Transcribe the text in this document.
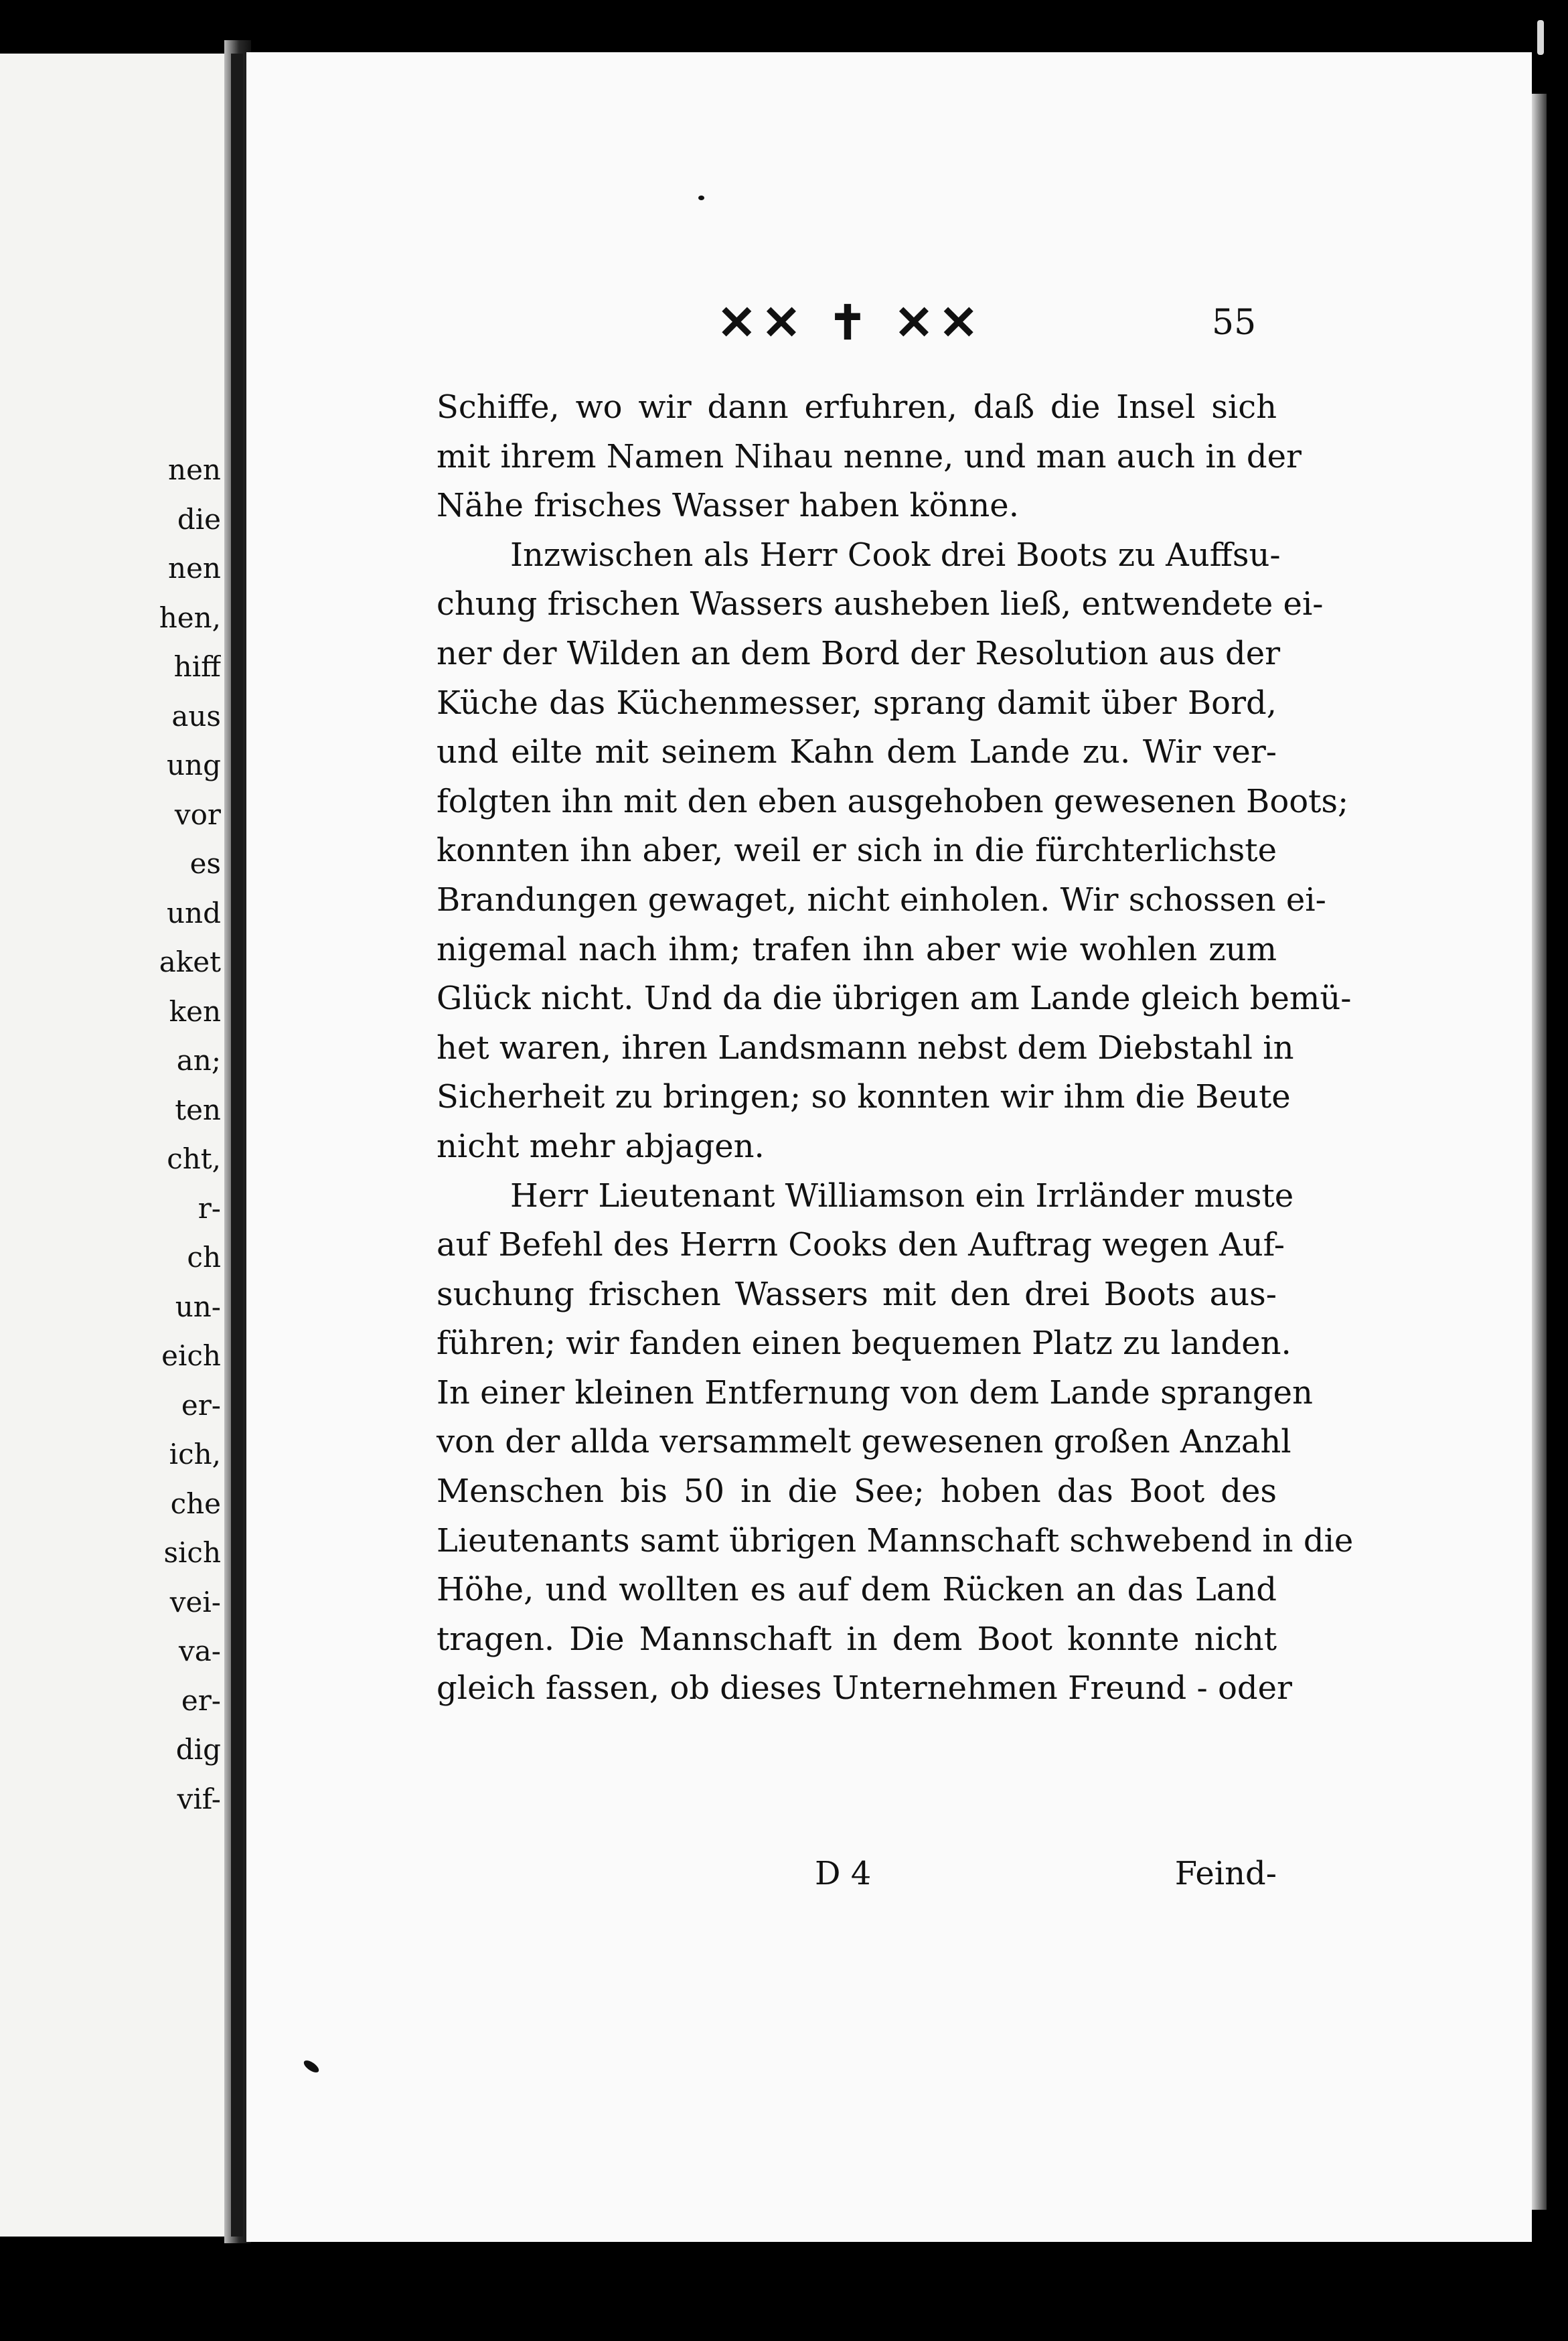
nen
die
nen
hen,
hiff
aus
ung
vor
es
und
aket
ken
an;
ten
cht,
r-
ch
un-
eich
er-
ich,
che
sich
vei-
va-
er-
dig
vif-
✕✕ ✝ ✕✕	55
Schiffe, wo wir dann erfuhren, daß die Insel sich
mit ihrem Namen Nihau nenne, und man auch in der
Nähe frisches Wasser haben könne.
Inzwischen als Herr Cook drei Boots zu Auffsu-
chung frischen Wassers ausheben ließ, entwendete ei-
ner der Wilden an dem Bord der Resolution aus der
Küche das Küchenmesser, sprang damit über Bord,
und eilte mit seinem Kahn dem Lande zu. Wir ver-
folgten ihn mit den eben ausgehoben gewesenen Boots;
konnten ihn aber, weil er sich in die fürchterlichste
Brandungen gewaget, nicht einholen. Wir schossen ei-
nigemal nach ihm; trafen ihn aber wie wohlen zum
Glück nicht. Und da die übrigen am Lande gleich bemü-
het waren, ihren Landsmann nebst dem Diebstahl in
Sicherheit zu bringen; so konnten wir ihm die Beute
nicht mehr abjagen.
Herr Lieutenant Williamson ein Irrländer muste
auf Befehl des Herrn Cooks den Auftrag wegen Auf-
suchung frischen Wassers mit den drei Boots aus-
führen; wir fanden einen bequemen Platz zu landen.
In einer kleinen Entfernung von dem Lande sprangen
von der allda versammelt gewesenen großen Anzahl
Menschen bis 50 in die See; hoben das Boot des
Lieutenants samt übrigen Mannschaft schwebend in die
Höhe, und wollten es auf dem Rücken an das Land
tragen. Die Mannschaft in dem Boot konnte nicht
gleich fassen, ob dieses Unternehmen Freund - oder
D 4	Feind-
